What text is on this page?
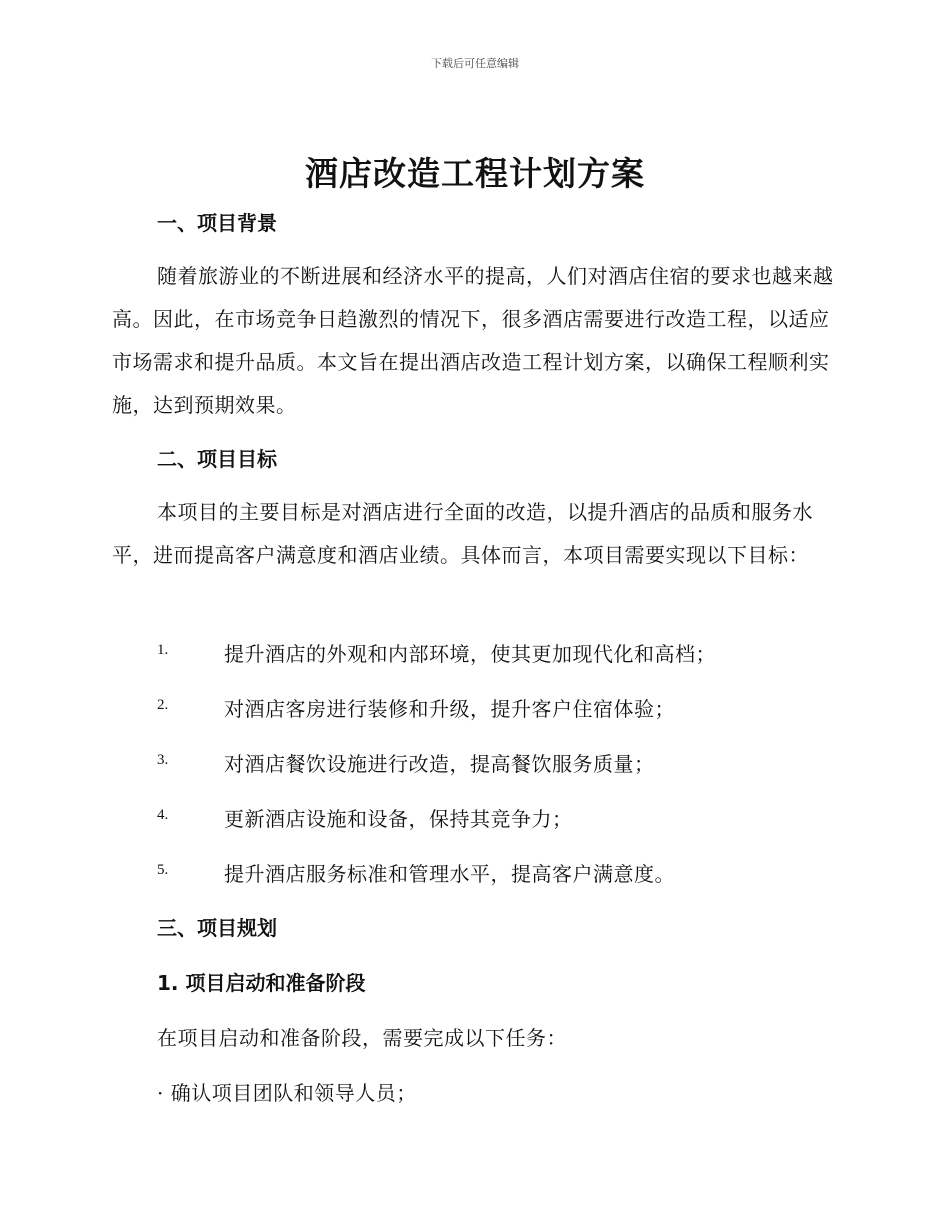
下载后可任意编辑
酒店改造工程计划方案
一、项目背景

随着旅游业的不断进展和经济水平的提高，人们对酒店住宿的要求也越来越高。因此，在市场竞争日趋激烈的情况下，很多酒店需要进行改造工程，以适应市场需求和提升品质。本文旨在提出酒店改造工程计划方案，以确保工程顺利实施，达到预期效果。

二、项目目标

本项目的主要目标是对酒店进行全面的改造，以提升酒店的品质和服务水平，进而提高客户满意度和酒店业绩。具体而言，本项目需要实现以下目标：

1.	提升酒店的外观和内部环境，使其更加现代化和高档；
2.	对酒店客房进行装修和升级，提升客户住宿体验；
3.	对酒店餐饮设施进行改造，提高餐饮服务质量；
4.	更新酒店设施和设备，保持其竞争力；
5.	提升酒店服务标准和管理水平，提高客户满意度。
三、项目规划
1. 项目启动和准备阶段
在项目启动和准备阶段，需要完成以下任务：
· 确认项目团队和领导人员；
